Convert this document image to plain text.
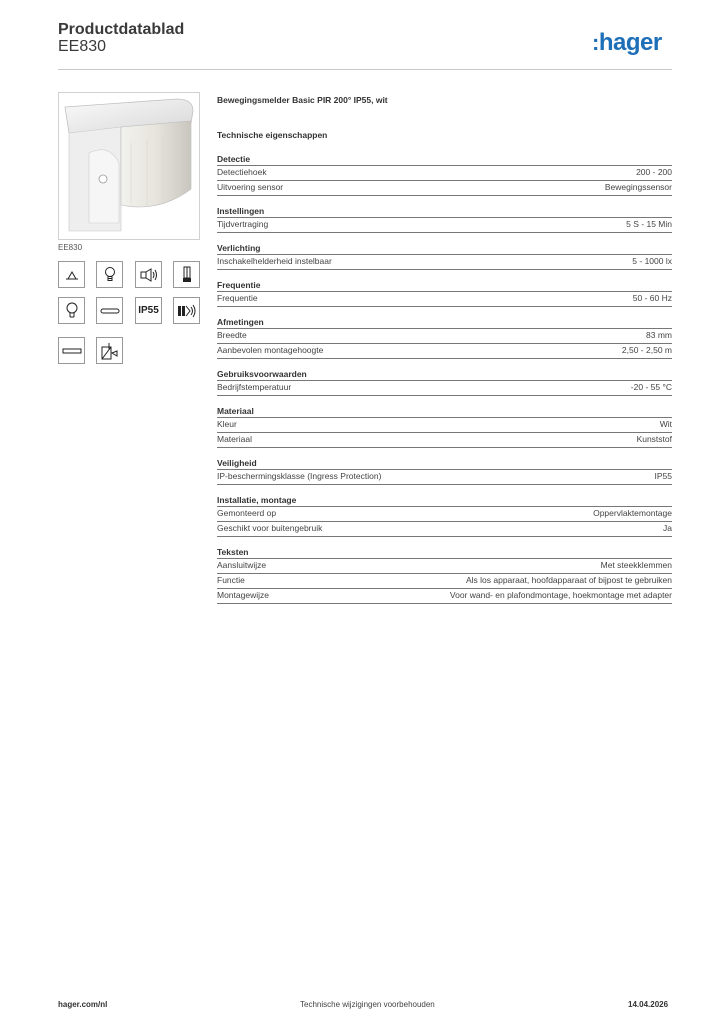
Productdatablad
EE830	:hager
EE830
IP55
Bewegingsmelder Basic PIR 200° IP55, wit
Technische eigenschappen
Detectie
Detectiehoek	200 - 200
Uitvoering sensor	Bewegingssensor
Instellingen
Tijdvertraging	5 S - 15 Min
Verlichting
Inschakelhelderheid instelbaar	5 - 1000 lx
Frequentie
Frequentie	50 - 60 Hz
Afmetingen
Breedte	83 mm
Aanbevolen montagehoogte	2,50 - 2,50 m
Gebruiksvoorwaarden
Bedrijfstemperatuur	-20 - 55 °C
Materiaal
Kleur	Wit
Materiaal	Kunststof
Veiligheid
IP-beschermingsklasse (Ingress Protection)	IP55
Installatie, montage
Gemonteerd op	Oppervlaktemontage
Geschikt voor buitengebruik	Ja
Teksten
Aansluitwijze	Met steekklemmen
Functie	Als los apparaat, hoofdapparaat of bijpost te gebruiken
Montagewijze	Voor wand- en plafondmontage, hoekmontage met adapter
hager.com/nl	Technische wijzigingen voorbehouden	14.04.2026
